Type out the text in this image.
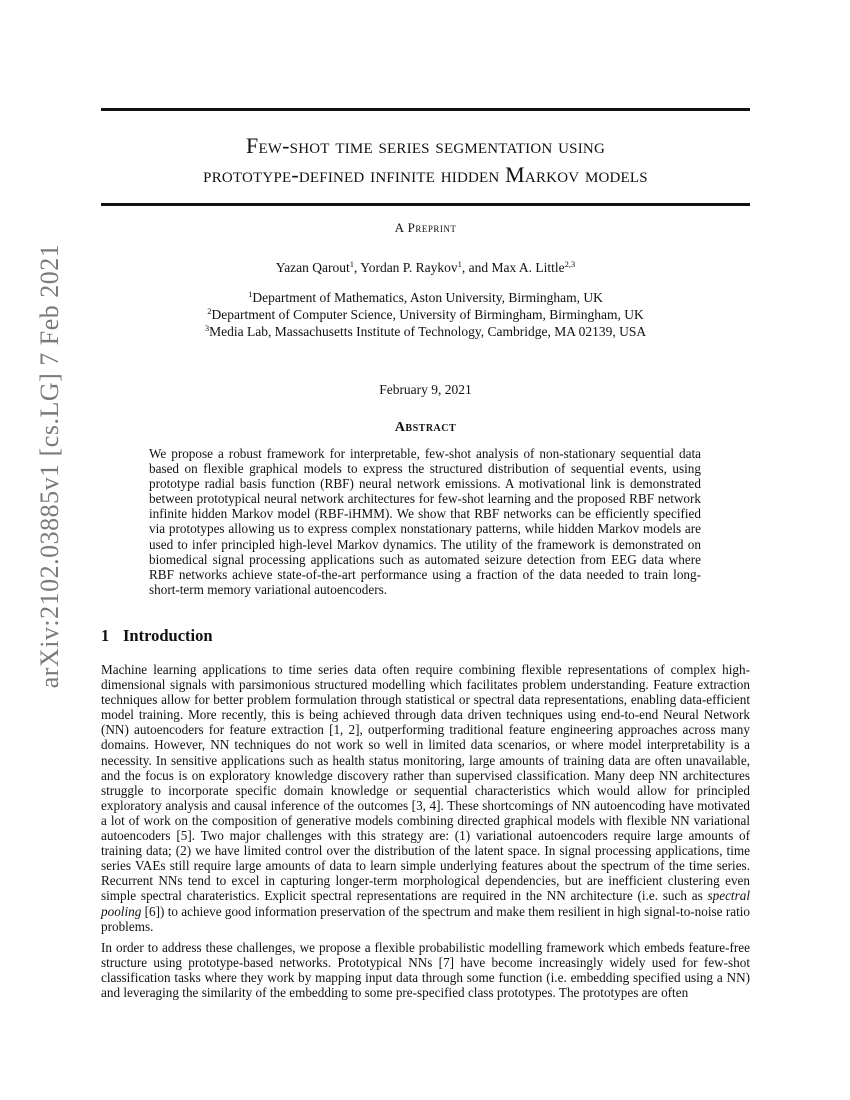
arXiv:2102.03885v1 [cs.LG] 7 Feb 2021
Few-shot time series segmentation using
prototype-defined infinite hidden Markov models
A Preprint
Yazan Qarout$^1$, Yordan P. Raykov$^1$, and Max A. Little$^{2,3}$
$^1$Department of Mathematics, Aston University, Birmingham, UK
$^2$Department of Computer Science, University of Birmingham, Birmingham, UK
$^3$Media Lab, Massachusetts Institute of Technology, Cambridge, MA 02139, USA
February 9, 2021
Abstract
We propose a robust framework for interpretable, few-shot analysis of non-stationary sequential data based on flexible graphical models to express the structured distribution of sequential events, using prototype radial basis function (RBF) neural network emissions. A motivational link is demonstrated between prototypical neural network architectures for few-shot learning and the proposed RBF network infinite hidden Markov model (RBF-iHMM). We show that RBF networks can be efficiently specified via prototypes allowing us to express complex nonstationary patterns, while hidden Markov models are used to infer principled high-level Markov dynamics. The utility of the framework is demonstrated on biomedical signal processing applications such as automated seizure detection from EEG data where RBF networks achieve state-of-the-art performance using a fraction of the data needed to train long-short-term memory variational autoencoders.
1 Introduction

Machine learning applications to time series data often require combining flexible representations of complex high-dimensional signals with parsimonious structured modelling which facilitates problem understanding. Feature extraction techniques allow for better problem formulation through statistical or spectral data representations, enabling data-efficient model training. More recently, this is being achieved through data driven techniques using end-to-end Neural Network (NN) autoencoders for feature extraction [1, 2], outperforming traditional feature engineering approaches across many domains. However, NN techniques do not work so well in limited data scenarios, or where model interpretability is a necessity. In sensitive applications such as health status monitoring, large amounts of training data are often unavailable, and the focus is on exploratory knowledge discovery rather than supervised classification. Many deep NN architectures struggle to incorporate specific domain knowledge or sequential characteristics which would allow for principled exploratory analysis and causal inference of the outcomes [3, 4]. These shortcomings of NN autoencoding have motivated a lot of work on the composition of generative models combining directed graphical models with flexible NN variational autoencoders [5]. Two major challenges with this strategy are: (1) variational autoencoders require large amounts of training data; (2) we have limited control over the distribution of the latent space. In signal processing applications, time series VAEs still require large amounts of data to learn simple underlying features about the spectrum of the time series. Recurrent NNs tend to excel in capturing longer-term morphological dependencies, but are inefficient clustering even simple spectral charateristics. Explicit spectral representations are required in the NN architecture (i.e. such as spectral pooling [6]) to achieve good information preservation of the spectrum and make them resilient in high signal-to-noise ratio problems.

In order to address these challenges, we propose a flexible probabilistic modelling framework which embeds feature-free structure using prototype-based networks. Prototypical NNs [7] have become increasingly widely used for few-shot classification tasks where they work by mapping input data through some function (i.e. embedding specified using a NN) and leveraging the similarity of the embedding to some pre-specified class prototypes. The prototypes are often
